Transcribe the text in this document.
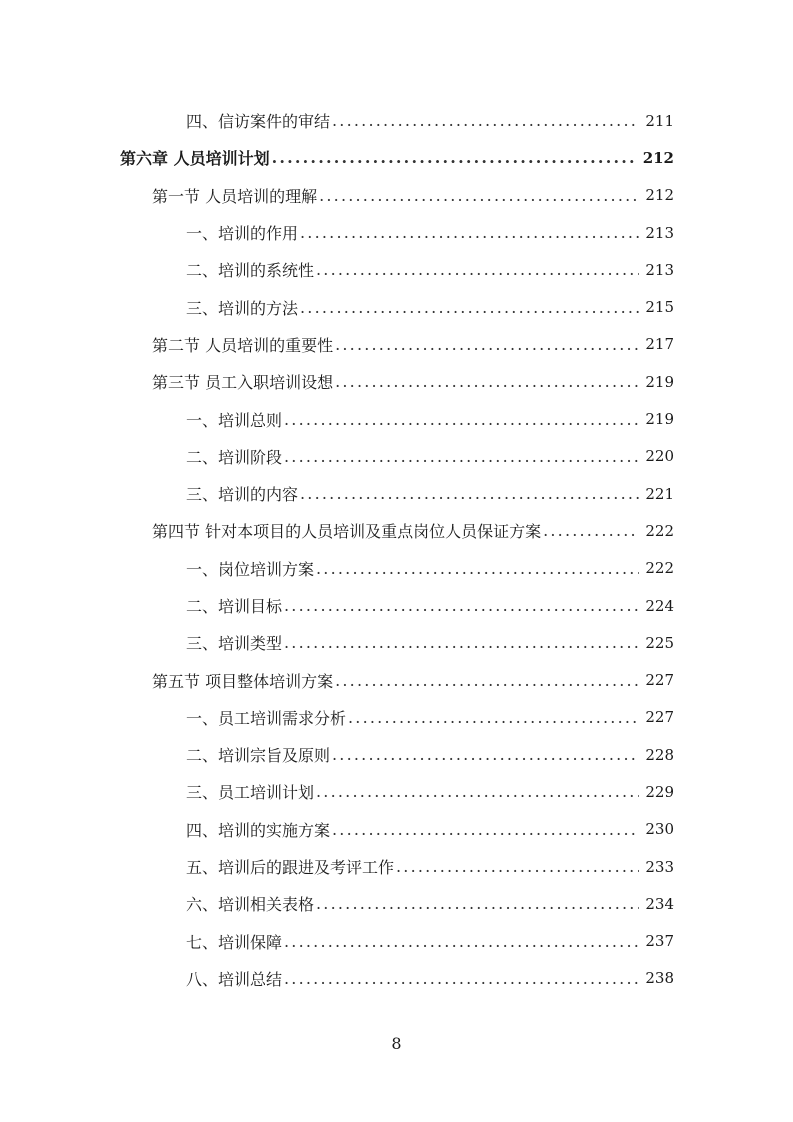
四、信访案件的审结 .....	211
第六章 人员培训计划 .....	212
第一节 人员培训的理解 .....	212
一、培训的作用 .....	213
二、培训的系统性 .....	213
三、培训的方法 .....	215
第二节 人员培训的重要性 .....	217
第三节 员工入职培训设想 .....	219
一、培训总则 .....	219
二、培训阶段 .....	220
三、培训的内容 .....	221
第四节 针对本项目的人员培训及重点岗位人员保证方案 .....	222
一、岗位培训方案 .....	222
二、培训目标 .....	224
三、培训类型 .....	225
第五节 项目整体培训方案 .....	227
一、员工培训需求分析 .....	227
二、培训宗旨及原则 .....	228
三、员工培训计划 .....	229
四、培训的实施方案 .....	230
五、培训后的跟进及考评工作 .....	233
六、培训相关表格 .....	234
七、培训保障 .....	237
八、培训总结 .....	238
8
